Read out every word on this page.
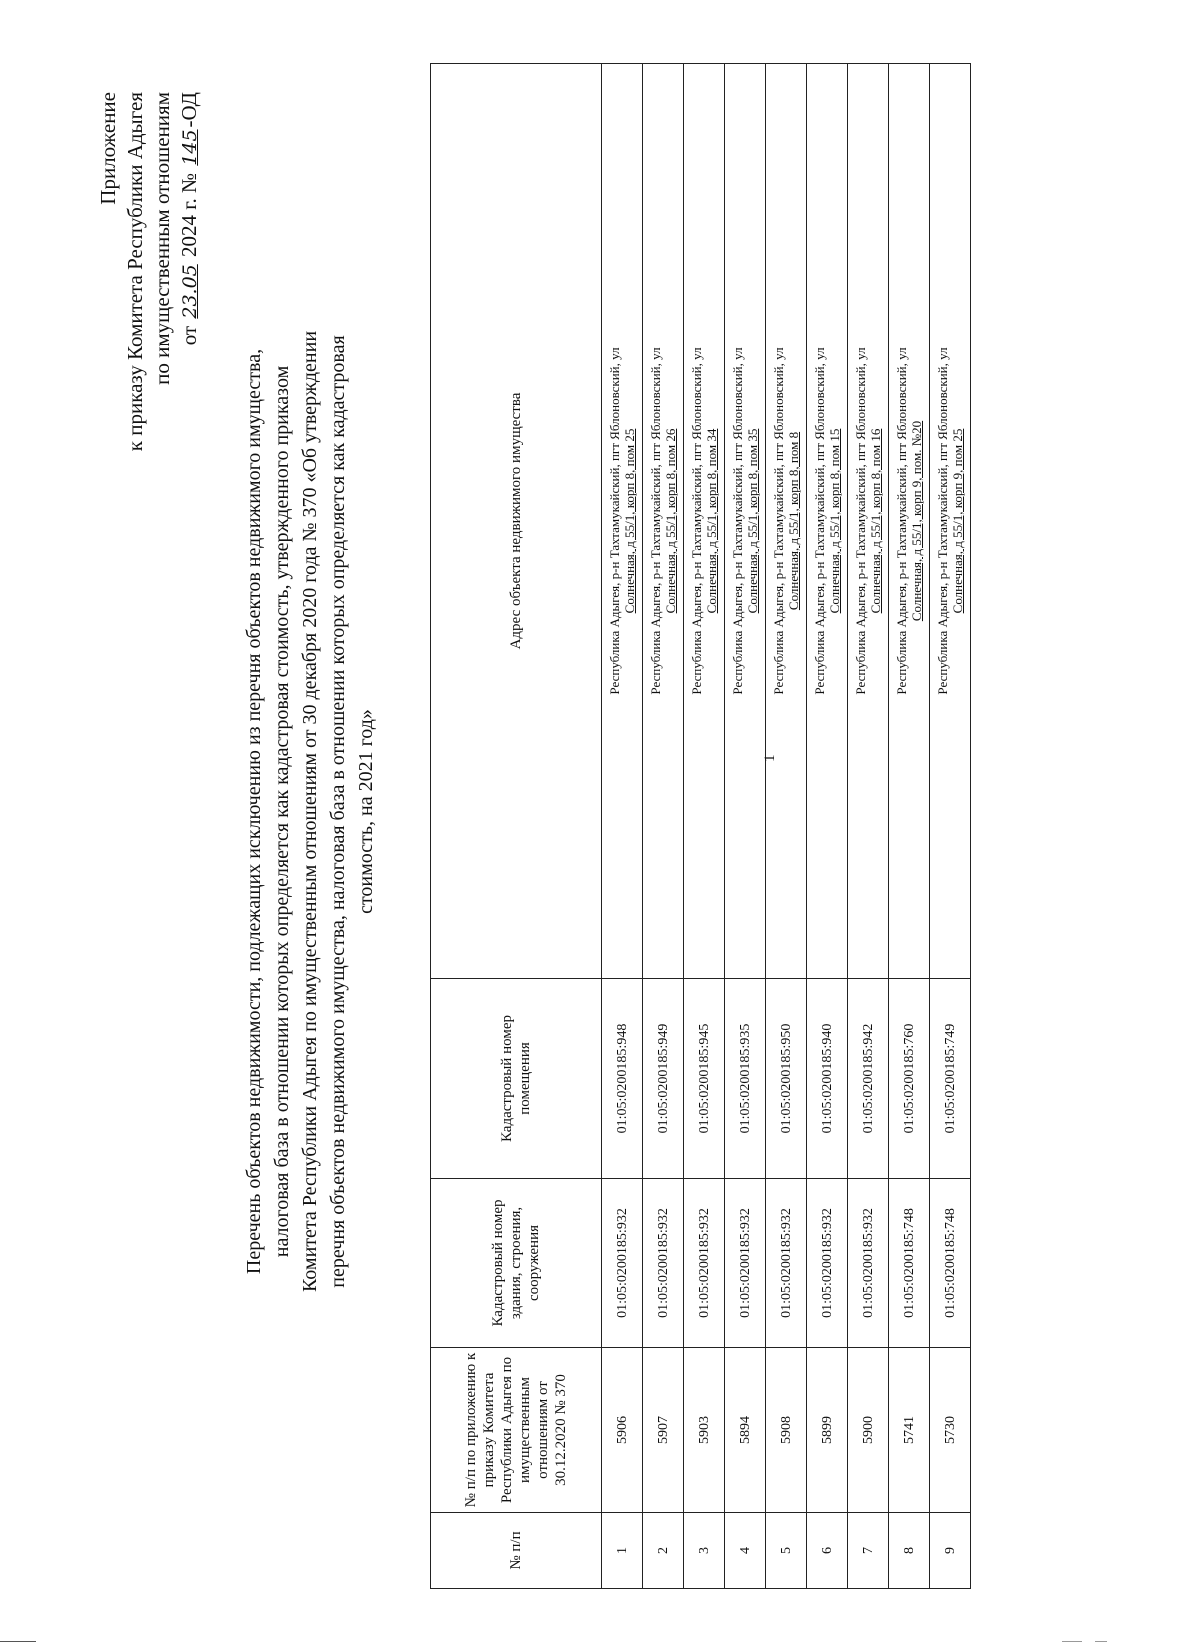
Приложение к приказу Комитета Республики Адыгея по имущественным отношениям от 23.05 2024 г. № 145-ОД
Перечень объектов недвижимости, подлежащих исключению из перечня объектов недвижимого имущества, налоговая база в отношении которых определяется как кадастровая стоимость, утвержденного приказом Комитета Республики Адыгея по имущественным отношениям от 30 декабря 2020 года № 370 «Об утверждении перечня объектов недвижимого имущества, налоговая база в отношении которых определяется как кадастровая стоимость, на 2021 год»
№ п/п	№ п/п по приложению к приказу Комитета Республики Адыгея по имущественным отношениям от 30.12.2020 № 370	Кадастровый номер здания, строения, сооружения	Кадастровый номер помещения	Адрес объекта недвижимого имущества
1	5906	01:05:0200185:932	01:05:0200185:948	Республика Адыгея, р-н Тахтамукайский, пгт Яблоновский, ул Солнечная, д 55/1, корп 8, пом 25

2	5907	01:05:0200185:932	01:05:0200185:949	Республика Адыгея, р-н Тахтамукайский, пгт Яблоновский, ул Солнечная, д 55/1, корп 8, пом 26

3	5903	01:05:0200185:932	01:05:0200185:945	Республика Адыгея, р-н Тахтамукайский, пгт Яблоновский, ул Солнечная, д 55/1, корп 8, пом 34

4	5894	01:05:0200185:932	01:05:0200185:935	Республика Адыгея, р-н Тахтамукайский, пгт Яблоновский, ул Солнечная, д 55/1, корп 8, пом 35

5	5908	01:05:0200185:932	01:05:0200185:950	Республика Адыгея, р-н Тахтамукайский, пгт Яблоновский, ул Солнечная, д 55/1, корп 8, пом 8

6	5899	01:05:0200185:932	01:05:0200185:940	Республика Адыгея, р-н Тахтамукайский, пгт Яблоновский, ул Солнечная, д 55/1, корп 8, пом 15

7	5900	01:05:0200185:932	01:05:0200185:942	Республика Адыгея, р-н Тахтамукайский, пгт Яблоновский, ул Солнечная, д 55/1, корп 8, пом 16

8	5741	01:05:0200185:748	01:05:0200185:760	Республика Адыгея, р-н Тахтамукайский, пгт Яблоновский, ул Солнечная, д 55/1, корп 9, пом. №20

9	5730	01:05:0200185:748	01:05:0200185:749	Республика Адыгея, р-н Тахтамукайский, пгт Яблоновский, ул Солнечная, д 55/1, корп 9, пом 25
1
